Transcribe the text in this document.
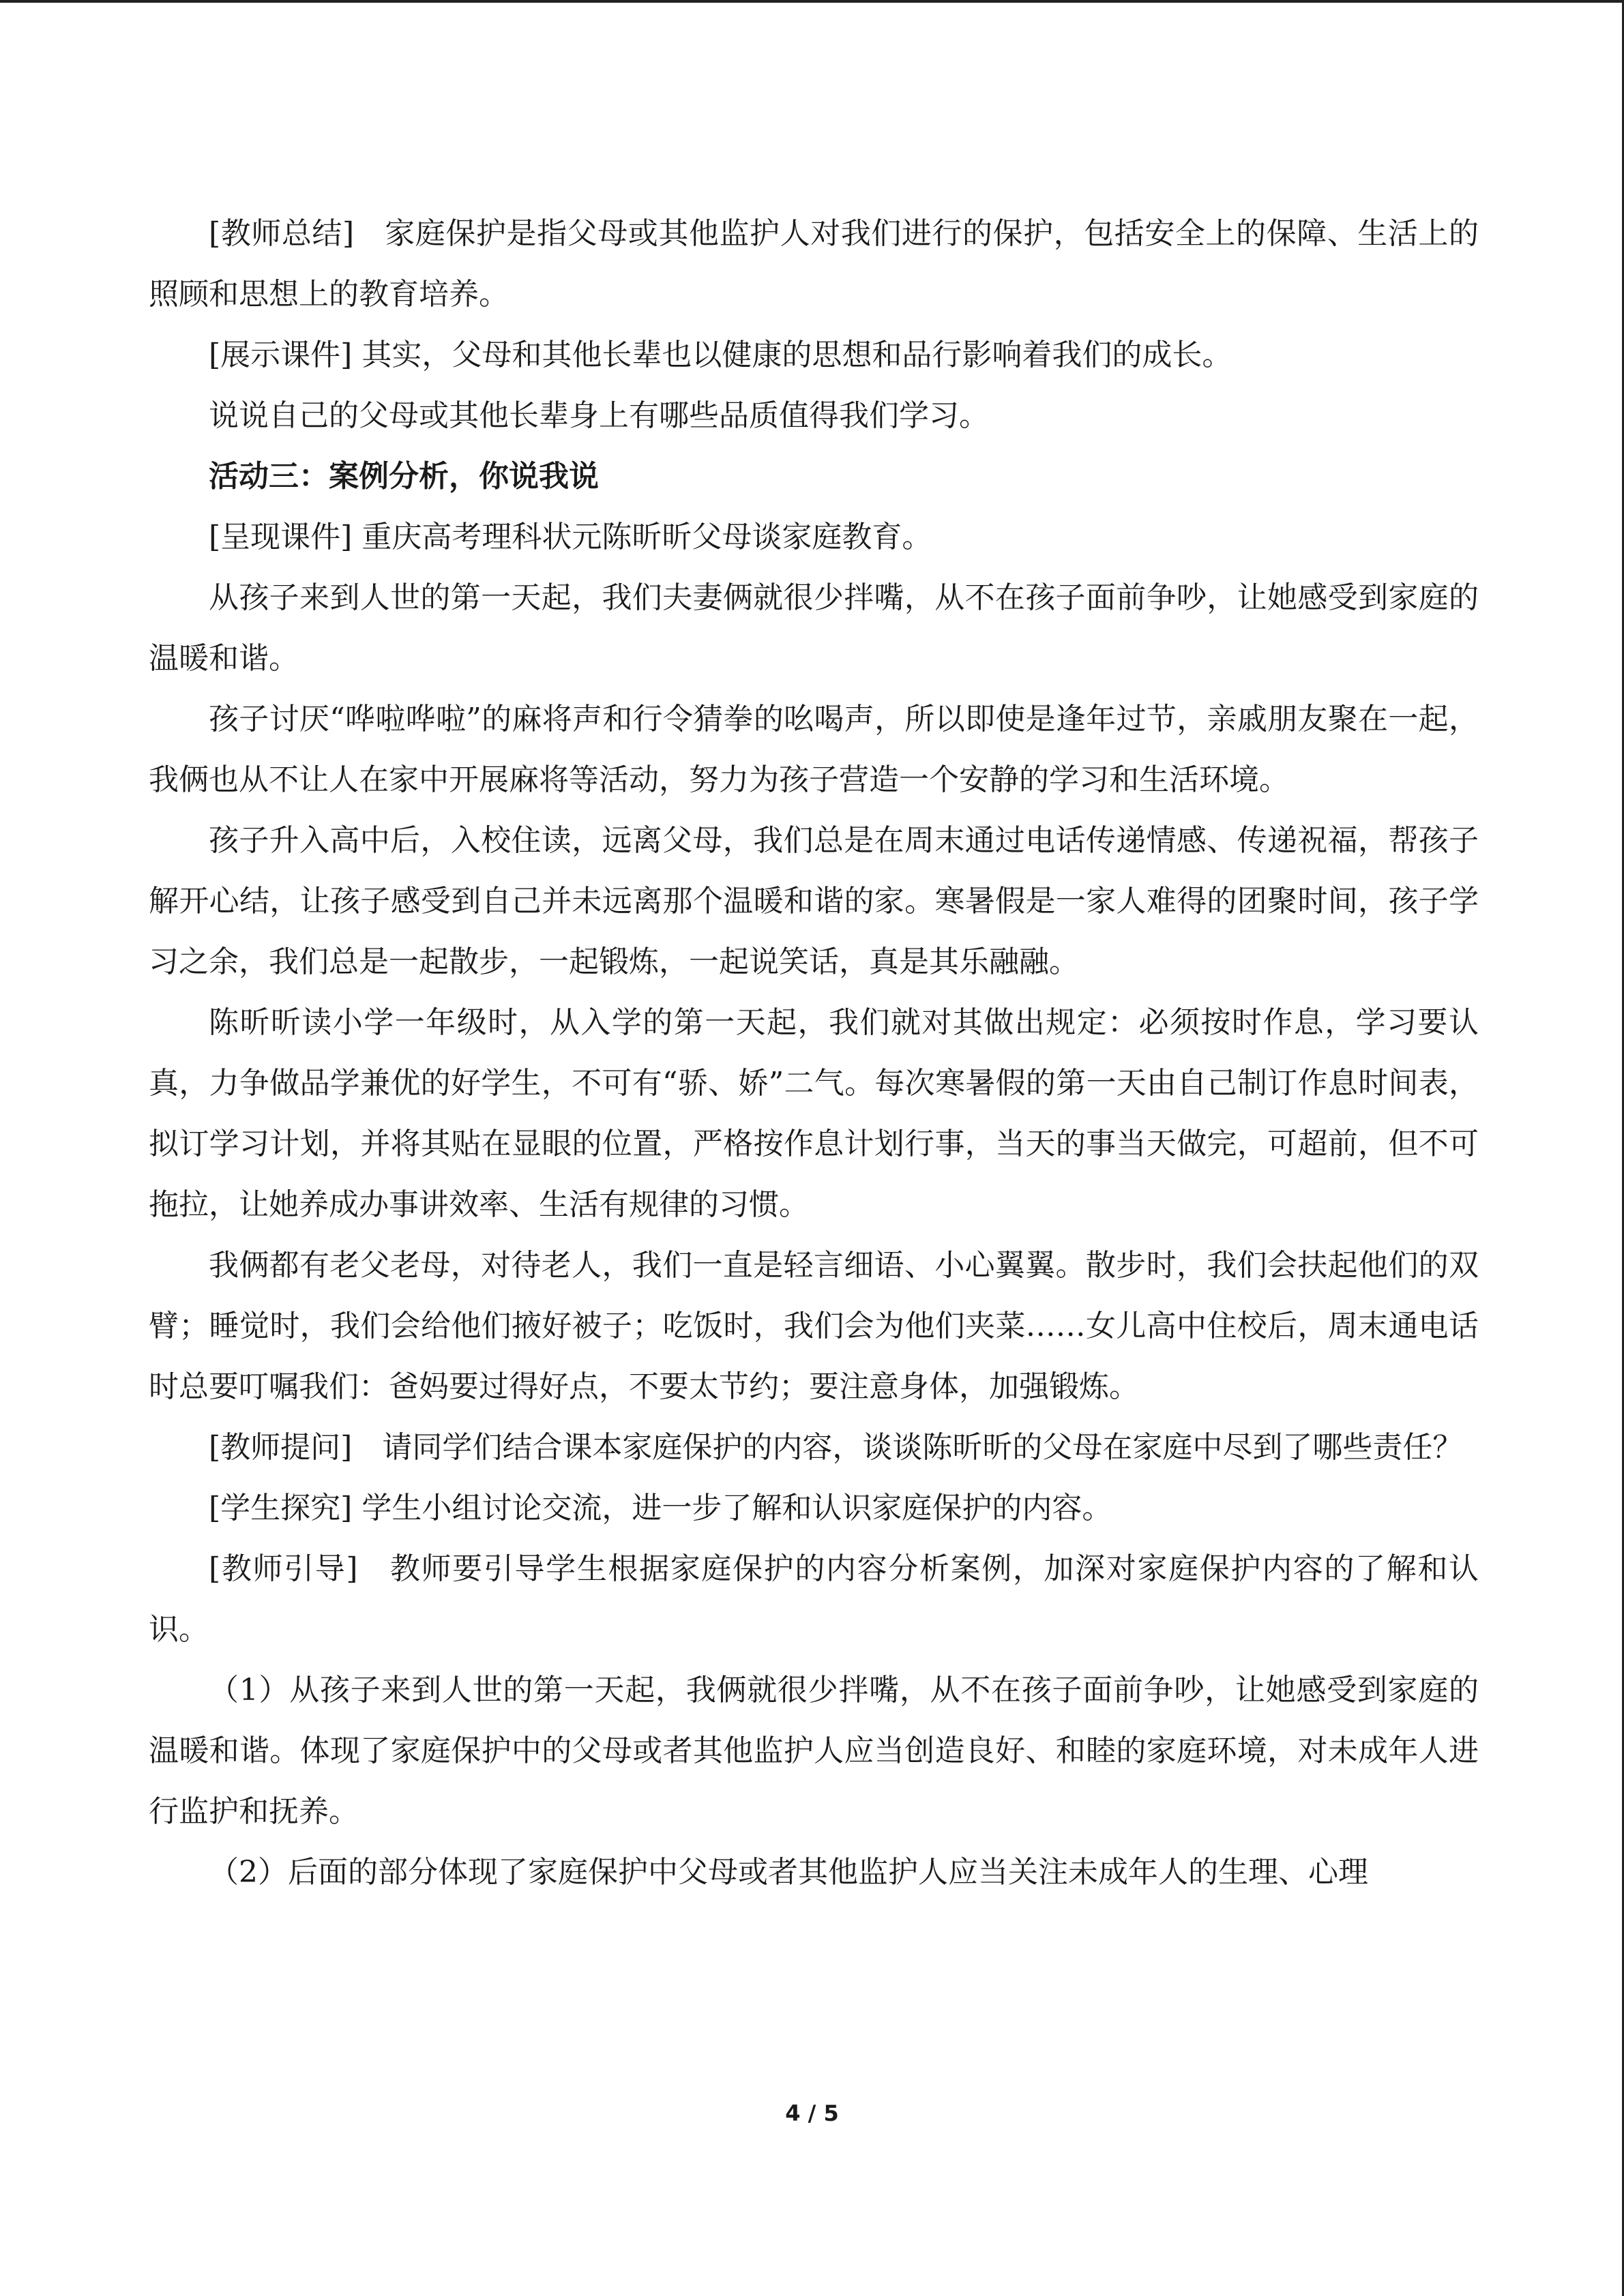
[教师总结]　家庭保护是指父母或其他监护人对我们进行的保护，包括安全上的保障、生活上的照顾和思想上的教育培养。

[展示课件] 其实，父母和其他长辈也以健康的思想和品行影响着我们的成长。

说说自己的父母或其他长辈身上有哪些品质值得我们学习。

活动三：案例分析，你说我说

[呈现课件] 重庆高考理科状元陈昕昕父母谈家庭教育。

从孩子来到人世的第一天起，我们夫妻俩就很少拌嘴，从不在孩子面前争吵，让她感受到家庭的温暖和谐。

孩子讨厌“哗啦哗啦”的麻将声和行令猜拳的吆喝声，所以即使是逢年过节，亲戚朋友聚在一起，我俩也从不让人在家中开展麻将等活动，努力为孩子营造一个安静的学习和生活环境。

孩子升入高中后，入校住读，远离父母，我们总是在周末通过电话传递情感、传递祝福，帮孩子解开心结，让孩子感受到自己并未远离那个温暖和谐的家。寒暑假是一家人难得的团聚时间，孩子学习之余，我们总是一起散步，一起锻炼，一起说笑话，真是其乐融融。

陈昕昕读小学一年级时，从入学的第一天起，我们就对其做出规定：必须按时作息，学习要认真，力争做品学兼优的好学生，不可有“骄、娇”二气。每次寒暑假的第一天由自己制订作息时间表，拟订学习计划，并将其贴在显眼的位置，严格按作息计划行事，当天的事当天做完，可超前，但不可拖拉，让她养成办事讲效率、生活有规律的习惯。

我俩都有老父老母，对待老人，我们一直是轻言细语、小心翼翼。散步时，我们会扶起他们的双臂；睡觉时，我们会给他们掖好被子；吃饭时，我们会为他们夹菜……女儿高中住校后，周末通电话时总要叮嘱我们：爸妈要过得好点，不要太节约；要注意身体，加强锻炼。

[教师提问]　请同学们结合课本家庭保护的内容，谈谈陈昕昕的父母在家庭中尽到了哪些责任？

[学生探究] 学生小组讨论交流，进一步了解和认识家庭保护的内容。

[教师引导]　教师要引导学生根据家庭保护的内容分析案例，加深对家庭保护内容的了解和认识。

（1）从孩子来到人世的第一天起，我俩就很少拌嘴，从不在孩子面前争吵，让她感受到家庭的温暖和谐。体现了家庭保护中的父母或者其他监护人应当创造良好、和睦的家庭环境，对未成年人进行监护和抚养。

（2）后面的部分体现了家庭保护中父母或者其他监护人应当关注未成年人的生理、心理

4 / 5
